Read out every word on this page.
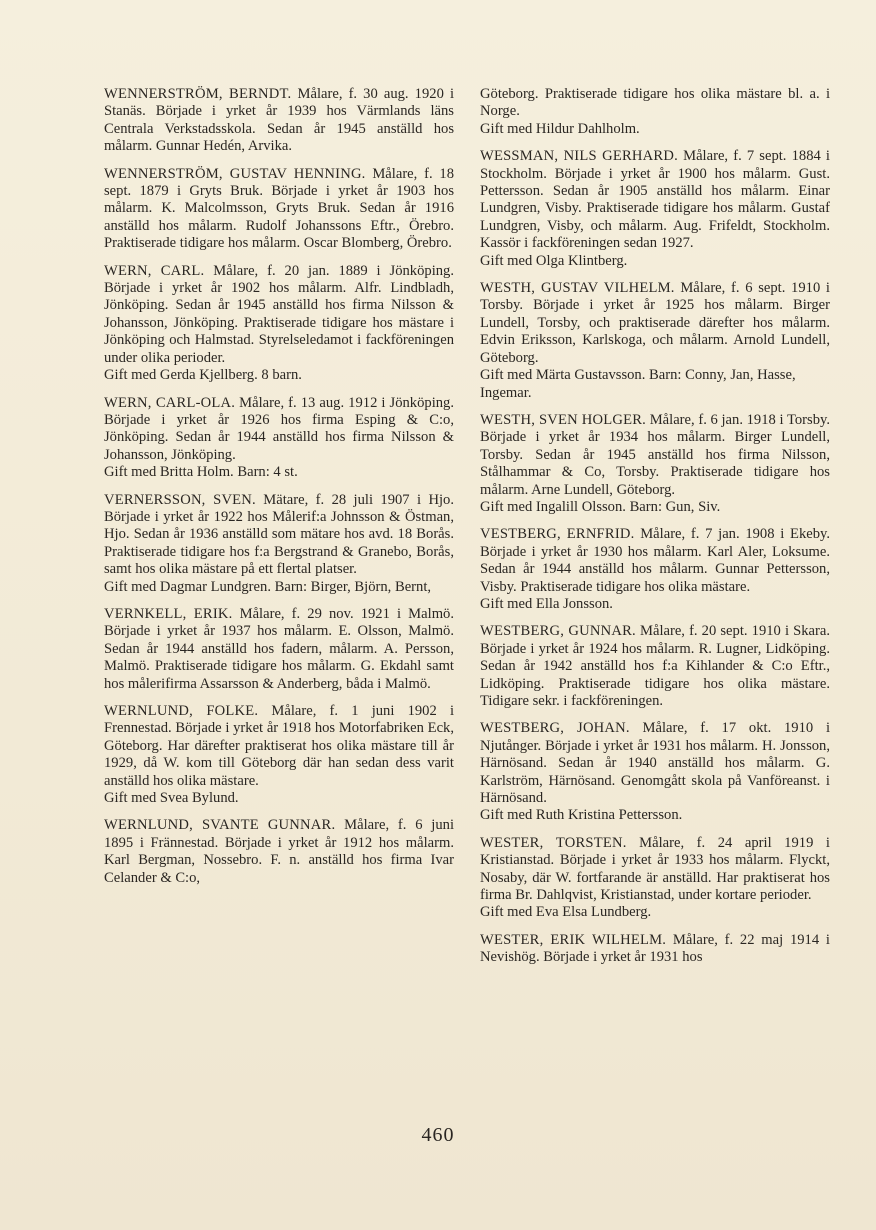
WENNERSTRÖM, BERNDT. Målare, f. 30 aug. 1920 i Stanäs. Började i yrket år 1939 hos Värmlands läns Centrala Verkstadsskola. Sedan år 1945 anställd hos målarm. Gunnar Hedén, Arvika.

WENNERSTRÖM, GUSTAV HENNING. Målare, f. 18 sept. 1879 i Gryts Bruk. Började i yrket år 1903 hos målarm. K. Malcolmsson, Gryts Bruk. Sedan år 1916 anställd hos målarm. Rudolf Johanssons Eftr., Örebro. Praktiserade tidigare hos målarm. Oscar Blomberg, Örebro.

WERN, CARL. Målare, f. 20 jan. 1889 i Jönköping. Började i yrket år 1902 hos målarm. Alfr. Lindbladh, Jönköping. Sedan år 1945 anställd hos firma Nilsson & Johansson, Jönköping. Praktiserade tidigare hos mästare i Jönköping och Halmstad. Styrelseledamot i fackföreningen under olika perioder.

Gift med Gerda Kjellberg. 8 barn.

WERN, CARL-OLA. Målare, f. 13 aug. 1912 i Jönköping. Började i yrket år 1926 hos firma Esping & C:o, Jönköping. Sedan år 1944 anställd hos firma Nilsson & Johansson, Jönköping.

Gift med Britta Holm. Barn: 4 st.

VERNERSSON, SVEN. Mätare, f. 28 juli 1907 i Hjo. Började i yrket år 1922 hos Målerif:a Johnsson & Östman, Hjo. Sedan år 1936 anställd som mätare hos avd. 18 Borås. Praktiserade tidigare hos f:a Bergstrand & Granebo, Borås, samt hos olika mästare på ett flertal platser.

Gift med Dagmar Lundgren. Barn: Birger, Björn, Bernt,

VERNKELL, ERIK. Målare, f. 29 nov. 1921 i Malmö. Började i yrket år 1937 hos målarm. E. Olsson, Malmö. Sedan år 1944 anställd hos fadern, målarm. A. Persson, Malmö. Praktiserade tidigare hos målarm. G. Ekdahl samt hos målerifirma Assarsson & Anderberg, båda i Malmö.

WERNLUND, FOLKE. Målare, f. 1 juni 1902 i Frennestad. Började i yrket år 1918 hos Motorfabriken Eck, Göteborg. Har därefter praktiserat hos olika mästare till år 1929, då W. kom till Göteborg där han sedan dess varit anställd hos olika mästare.

Gift med Svea Bylund.

WERNLUND, SVANTE GUNNAR. Målare, f. 6 juni 1895 i Frännestad. Började i yrket år 1912 hos målarm. Karl Bergman, Nossebro. F. n. anställd hos firma Ivar Celander & C:o,

Göteborg. Praktiserade tidigare hos olika mästare bl. a. i Norge.

Gift med Hildur Dahlholm.

WESSMAN, NILS GERHARD. Målare, f. 7 sept. 1884 i Stockholm. Började i yrket år 1900 hos målarm. Gust. Pettersson. Sedan år 1905 anställd hos målarm. Einar Lundgren, Visby. Praktiserade tidigare hos målarm. Gustaf Lundgren, Visby, och målarm. Aug. Frifeldt, Stockholm. Kassör i fackföreningen sedan 1927.

Gift med Olga Klintberg.

WESTH, GUSTAV VILHELM. Målare, f. 6 sept. 1910 i Torsby. Började i yrket år 1925 hos målarm. Birger Lundell, Torsby, och praktiserade därefter hos målarm. Edvin Eriksson, Karlskoga, och målarm. Arnold Lundell, Göteborg.

Gift med Märta Gustavsson. Barn: Conny, Jan, Hasse, Ingemar.

WESTH, SVEN HOLGER. Målare, f. 6 jan. 1918 i Torsby. Började i yrket år 1934 hos målarm. Birger Lundell, Torsby. Sedan år 1945 anställd hos firma Nilsson, Stålhammar & Co, Torsby. Praktiserade tidigare hos målarm. Arne Lundell, Göteborg.

Gift med Ingalill Olsson. Barn: Gun, Siv.

VESTBERG, ERNFRID. Målare, f. 7 jan. 1908 i Ekeby. Började i yrket år 1930 hos målarm. Karl Aler, Loksume. Sedan år 1944 anställd hos målarm. Gunnar Pettersson, Visby. Praktiserade tidigare hos olika mästare.

Gift med Ella Jonsson.

WESTBERG, GUNNAR. Målare, f. 20 sept. 1910 i Skara. Började i yrket år 1924 hos målarm. R. Lugner, Lidköping. Sedan år 1942 anställd hos f:a Kihlander & C:o Eftr., Lidköping. Praktiserade tidigare hos olika mästare. Tidigare sekr. i fackföreningen.

WESTBERG, JOHAN. Målare, f. 17 okt. 1910 i Njutånger. Började i yrket år 1931 hos målarm. H. Jonsson, Härnösand. Sedan år 1940 anställd hos målarm. G. Karlström, Härnösand. Genomgått skola på Vanföreanst. i Härnösand.

Gift med Ruth Kristina Pettersson.

WESTER, TORSTEN. Målare, f. 24 april 1919 i Kristianstad. Började i yrket år 1933 hos målarm. Flyckt, Nosaby, där W. fortfarande är anställd. Har praktiserat hos firma Br. Dahlqvist, Kristianstad, under kortare perioder.

Gift med Eva Elsa Lundberg.

WESTER, ERIK WILHELM. Målare, f. 22 maj 1914 i Nevishög. Började i yrket år 1931 hos

460
